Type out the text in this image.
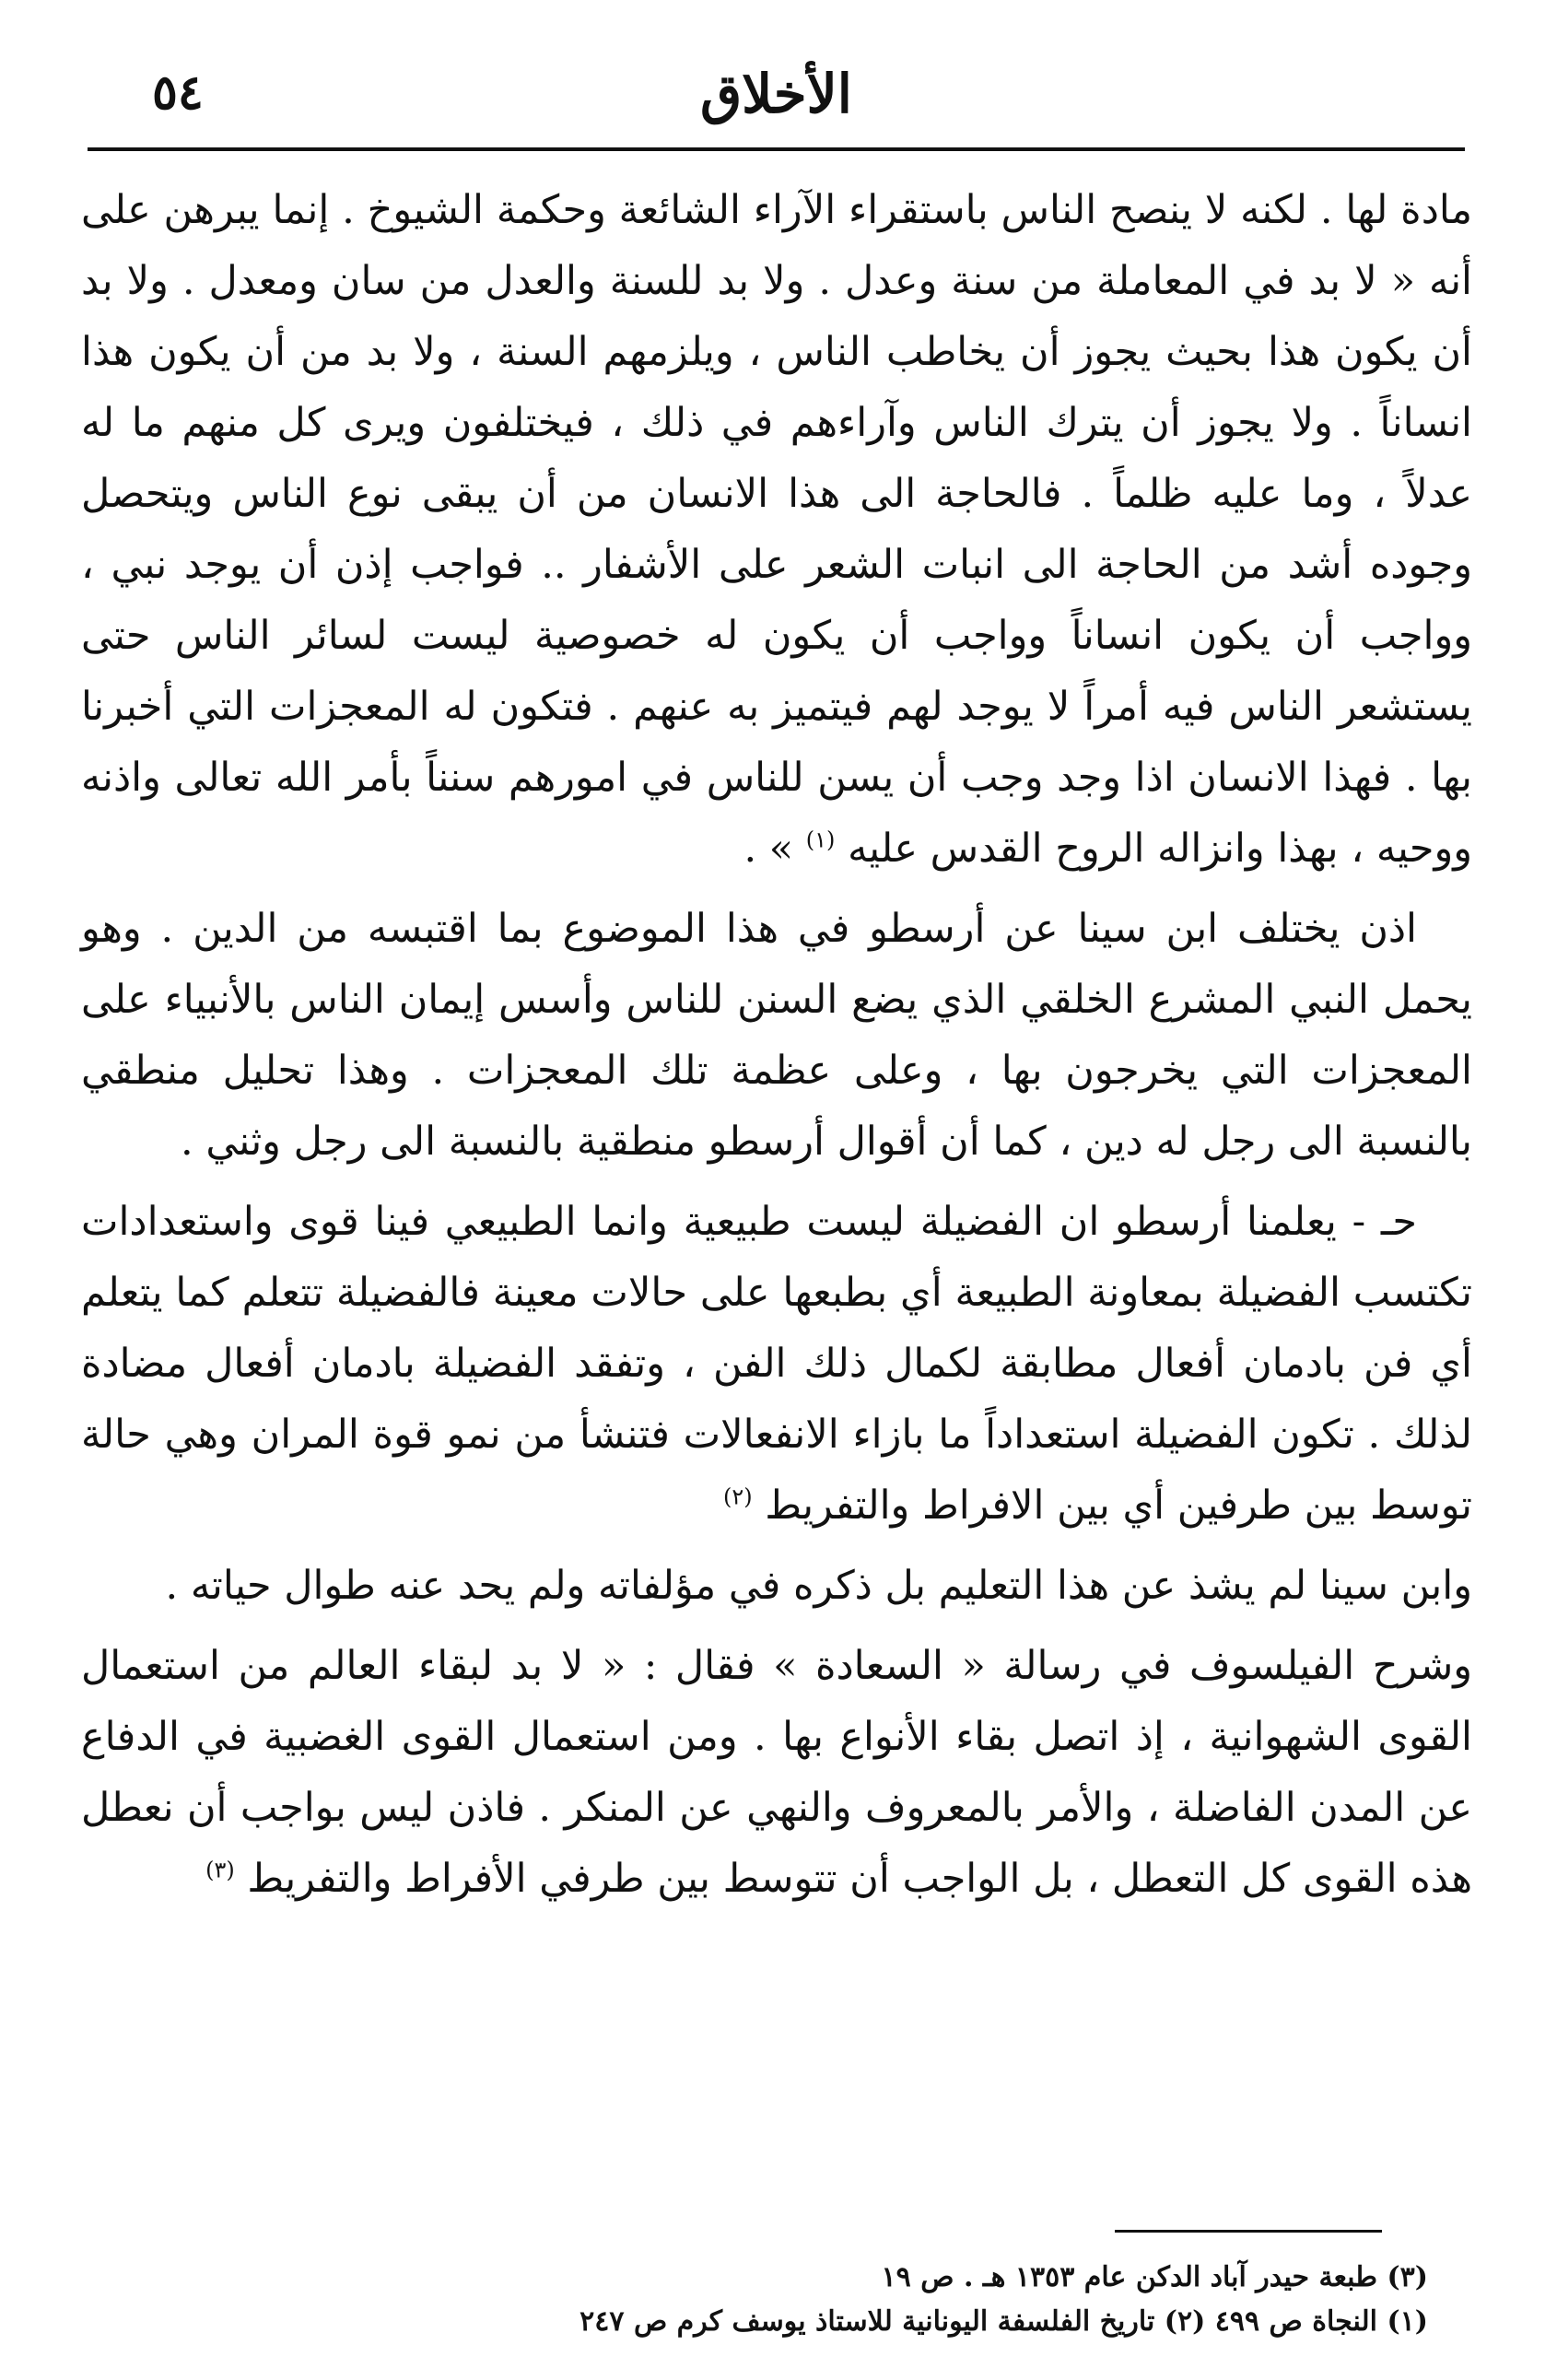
٥٤	الأخلاق

مادة لها . لكنه لا ينصح الناس باستقراء الآراء الشائعة وحكمة الشيوخ . إنما يبرهن على أنه « لا بد في المعاملة من سنة وعدل . ولا بد للسنة والعدل من سان ومعدل . ولا بد أن يكون هذا بحيث يجوز أن يخاطب الناس ، ويلزمهم السنة ، ولا بد من أن يكون هذا انساناً . ولا يجوز أن يترك الناس وآراءهم في ذلك ، فيختلفون ويرى كل منهم ما له عدلاً ، وما عليه ظلماً . فالحاجة الى هذا الانسان من أن يبقى نوع الناس ويتحصل وجوده أشد من الحاجة الى انبات الشعر على الأشفار .. فواجب إذن أن يوجد نبي ، وواجب أن يكون انساناً وواجب أن يكون له خصوصية ليست لسائر الناس حتى يستشعر الناس فيه أمراً لا يوجد لهم فيتميز به عنهم . فتكون له المعجزات التي أخبرنا بها . فهذا الانسان اذا وجد وجب أن يسن للناس في امورهم سنناً بأمر الله تعالى واذنه ووحيه ، بهذا وانزاله الروح القدس عليه $^{(١)}$ » .

اذن يختلف ابن سينا عن أرسطو في هذا الموضوع بما اقتبسه من الدين . وهو يحمل النبي المشرع الخلقي الذي يضع السنن للناس وأسس إيمان الناس بالأنبياء على المعجزات التي يخرجون بها ، وعلى عظمة تلك المعجزات . وهذا تحليل منطقي بالنسبة الى رجل له دين ، كما أن أقوال أرسطو منطقية بالنسبة الى رجل وثني .

حـ - يعلمنا أرسطو ان الفضيلة ليست طبيعية وانما الطبيعي فينا قوى واستعدادات تكتسب الفضيلة بمعاونة الطبيعة أي بطبعها على حالات معينة فالفضيلة تتعلم كما يتعلم أي فن بادمان أفعال مطابقة لكمال ذلك الفن ، وتفقد الفضيلة بادمان أفعال مضادة لذلك . تكون الفضيلة استعداداً ما بازاء الانفعالات فتنشأ من نمو قوة المران وهي حالة توسط بين طرفين أي بين الافراط والتفريط $^{(٢)}$

وابن سينا لم يشذ عن هذا التعليم بل ذكره في مؤلفاته ولم يحد عنه طوال حياته .

وشرح الفيلسوف في رسالة « السعادة » فقال : « لا بد لبقاء العالم من استعمال القوى الشهوانية ، إذ اتصل بقاء الأنواع بها . ومن استعمال القوى الغضبية في الدفاع عن المدن الفاضلة ، والأمر بالمعروف والنهي عن المنكر . فاذن ليس بواجب أن نعطل هذه القوى كل التعطل ، بل الواجب أن تتوسط بين طرفي الأفراط والتفريط $^{(٣)}$

(٣) طبعة حيدر آباد الدكن عام ١٣٥٣ هـ . ص ١٩

(١) النجاة ص ٤٩٩ (٢) تاريخ الفلسفة اليونانية للاستاذ يوسف كرم ص ٢٤٧
